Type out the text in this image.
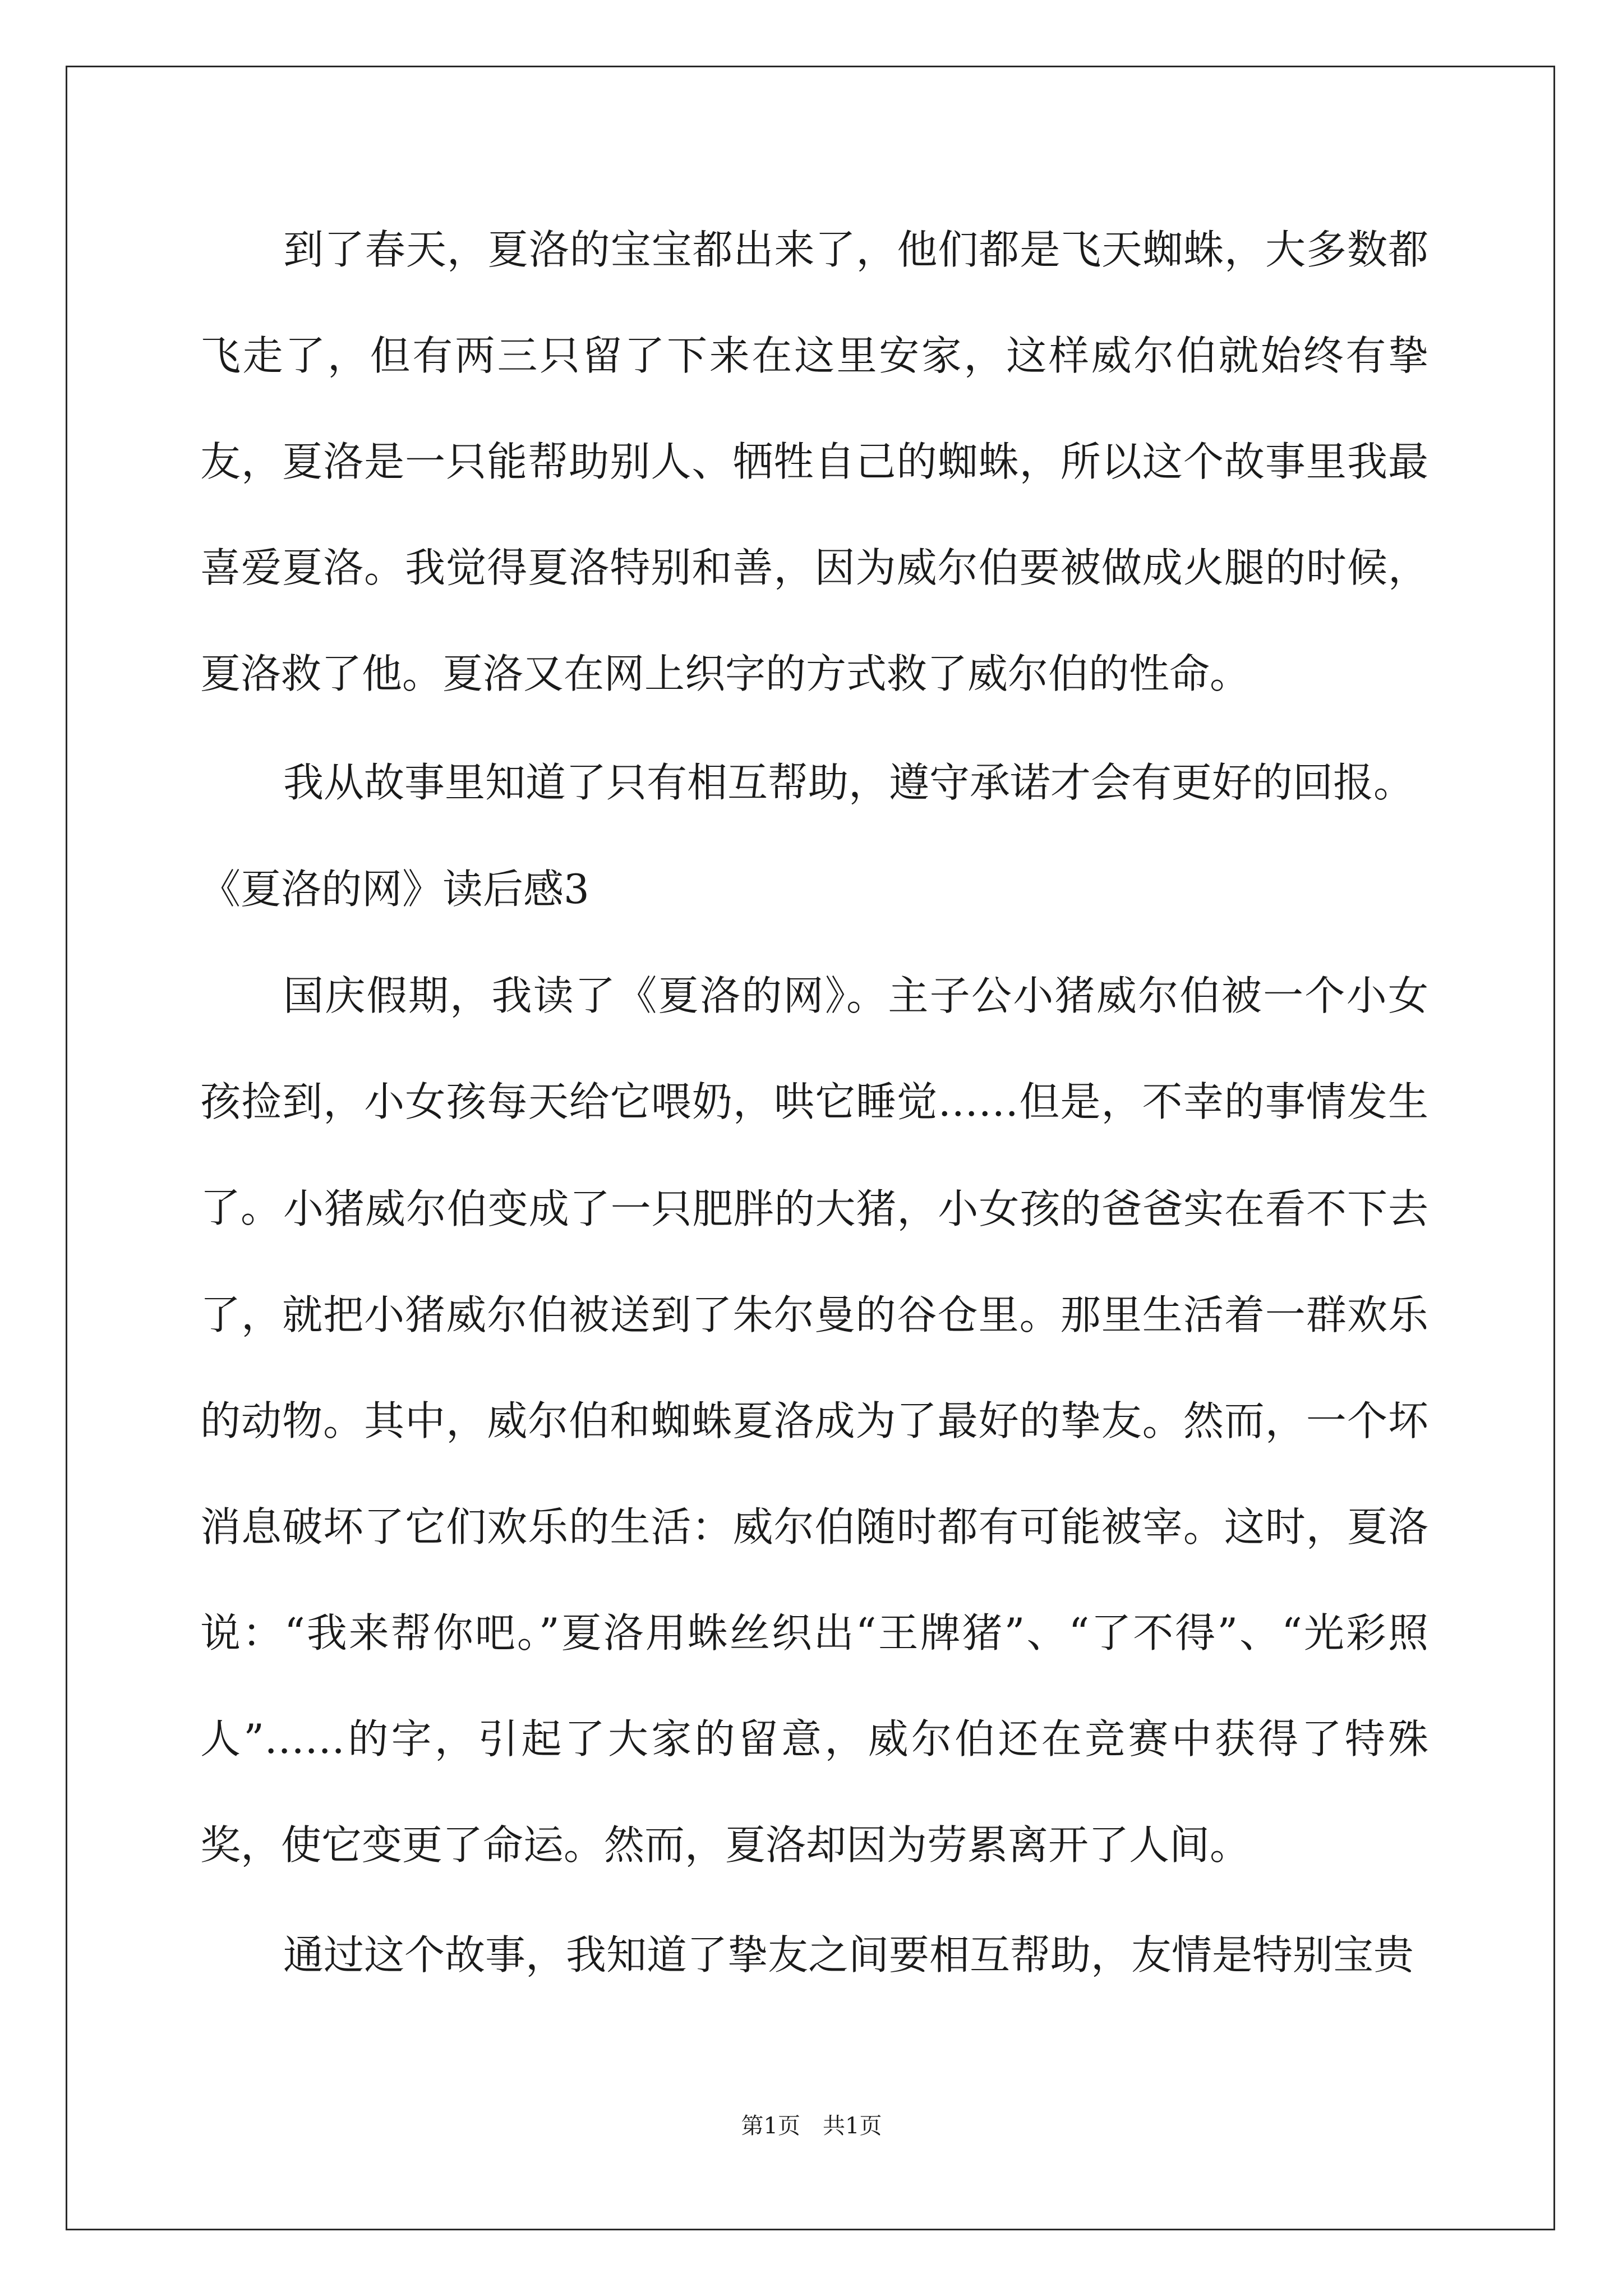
到了春天，夏洛的宝宝都出来了，他们都是飞天蜘蛛，大多数都飞走了，但有两三只留了下来在这里安家，这样威尔伯就始终有挚友，夏洛是一只能帮助别人、牺牲自己的蜘蛛，所以这个故事里我最喜爱夏洛。我觉得夏洛特别和善，因为威尔伯要被做成火腿的时候，夏洛救了他。夏洛又在网上织字的方式救了威尔伯的性命。

我从故事里知道了只有相互帮助，遵守承诺才会有更好的回报。

《夏洛的网》读后感3

国庆假期，我读了《夏洛的网》。主子公小猪威尔伯被一个小女孩捡到，小女孩每天给它喂奶，哄它睡觉……但是，不幸的事情发生了。 小猪威尔伯变成了一只肥胖的大猪，小女孩的爸爸实在看不下去了，就把小猪威尔伯被送到了朱尔曼的谷仓里。那里生活着一群欢乐的动物。其中，威尔伯和蜘蛛夏洛成为了最好的挚友。然而，一个坏消息破坏了它们欢乐的生活：威尔伯随时都有可能被宰。这时，夏洛说：“我来帮你吧。”夏洛用蛛丝织出“王牌猪”、“了不得”、“光彩照人”……的字，引起了大家的留意，威尔伯还在竞赛中获得了特殊奖，使它变更了命运。然而，夏洛却因为劳累离开了人间。

通过这个故事，我知道了挚友之间要相互帮助，友情是特别宝贵

第1页　共1页
